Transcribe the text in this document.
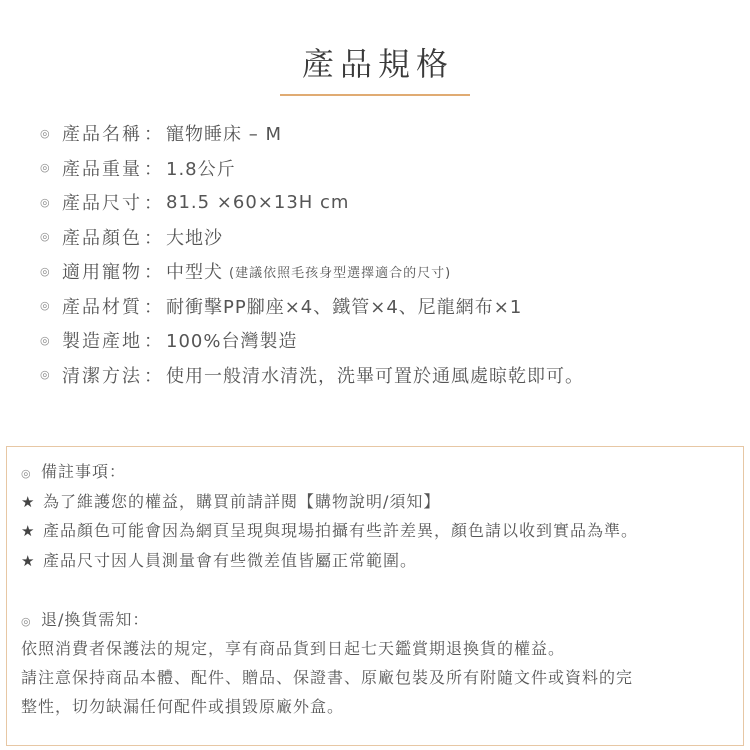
產品規格
◎ 產品名稱 ： 寵物睡床 – M
◎ 產品重量 ： 1.8公斤
◎ 產品尺寸 ： 81.5 ×60×13H cm
◎ 產品顏色 ： 大地沙
◎ 適用寵物 ： 中型犬 (建議依照毛孩身型選擇適合的尺寸)
◎ 產品材質 ： 耐衝擊PP腳座×4、鐵管×4、尼龍網布×1
◎ 製造產地 ： 100%台灣製造
◎ 清潔方法 ： 使用一般清水清洗，洗畢可置於通風處晾乾即可。
◎ 備註事項：
★ 為了維護您的權益，購買前請詳閱【購物說明/須知】
★ 產品顏色可能會因為網頁呈現與現場拍攝有些許差異，顏色請以收到實品為準。
★ 產品尺寸因人員測量會有些微差值皆屬正常範圍。
◎ 退/換貨需知：
依照消費者保護法的規定，享有商品貨到日起七天鑑賞期退換貨的權益。
請注意保持商品本體、配件、贈品、保證書、原廠包裝及所有附隨文件或資料的完
整性，切勿缺漏任何配件或損毀原廠外盒。
